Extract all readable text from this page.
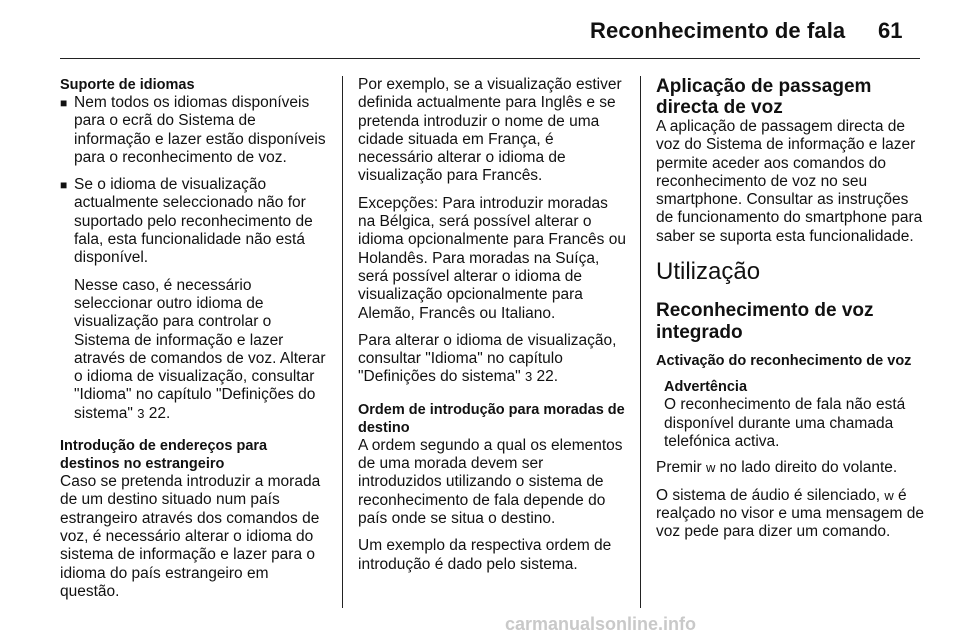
Reconhecimento de fala 61
Suporte de idiomas

■ Nem todos os idiomas disponíveis para o ecrã do Sistema de informação e lazer estão disponíveis para o reconhecimento de voz.

■ Se o idioma de visualização actualmente seleccionado não for suportado pelo reconhecimento de fala, esta funcionalidade não está disponível.

Nesse caso, é necessário seleccionar outro idioma de visualização para controlar o Sistema de informação e lazer através de comandos de voz. Alterar o idioma de visualização, consultar "Idioma" no capítulo "Definições do sistema" 3 22.

Introdução de endereços para destinos no estrangeiro

Caso se pretenda introduzir a morada de um destino situado num país estrangeiro através dos comandos de voz, é necessário alterar o idioma do sistema de informação e lazer para o idioma do país estrangeiro em questão.

Por exemplo, se a visualização estiver definida actualmente para Inglês e se pretenda introduzir o nome de uma cidade situada em França, é necessário alterar o idioma de visualização para Francês.

Excepções: Para introduzir moradas na Bélgica, será possível alterar o idioma opcionalmente para Francês ou Holandês. Para moradas na Suíça, será possível alterar o idioma de visualização opcionalmente para Alemão, Francês ou Italiano.

Para alterar o idioma de visualização, consultar "Idioma" no capítulo "Definições do sistema" 3 22.

Ordem de introdução para moradas de destino

A ordem segundo a qual os elementos de uma morada devem ser introduzidos utilizando o sistema de reconhecimento de fala depende do país onde se situa o destino.

Um exemplo da respectiva ordem de introdução é dado pelo sistema.

Aplicação de passagem directa de voz

A aplicação de passagem directa de voz do Sistema de informação e lazer permite aceder aos comandos do reconhecimento de voz no seu smartphone. Consultar as instruções de funcionamento do smartphone para saber se suporta esta funcionalidade.

Utilização
Reconhecimento de voz integrado
Activação do reconhecimento de voz
Advertência
O reconhecimento de fala não está disponível durante uma chamada telefónica activa.

Premir w no lado direito do volante.

O sistema de áudio é silenciado, w é realçado no visor e uma mensagem de voz pede para dizer um comando.

carmanualsonline.info
